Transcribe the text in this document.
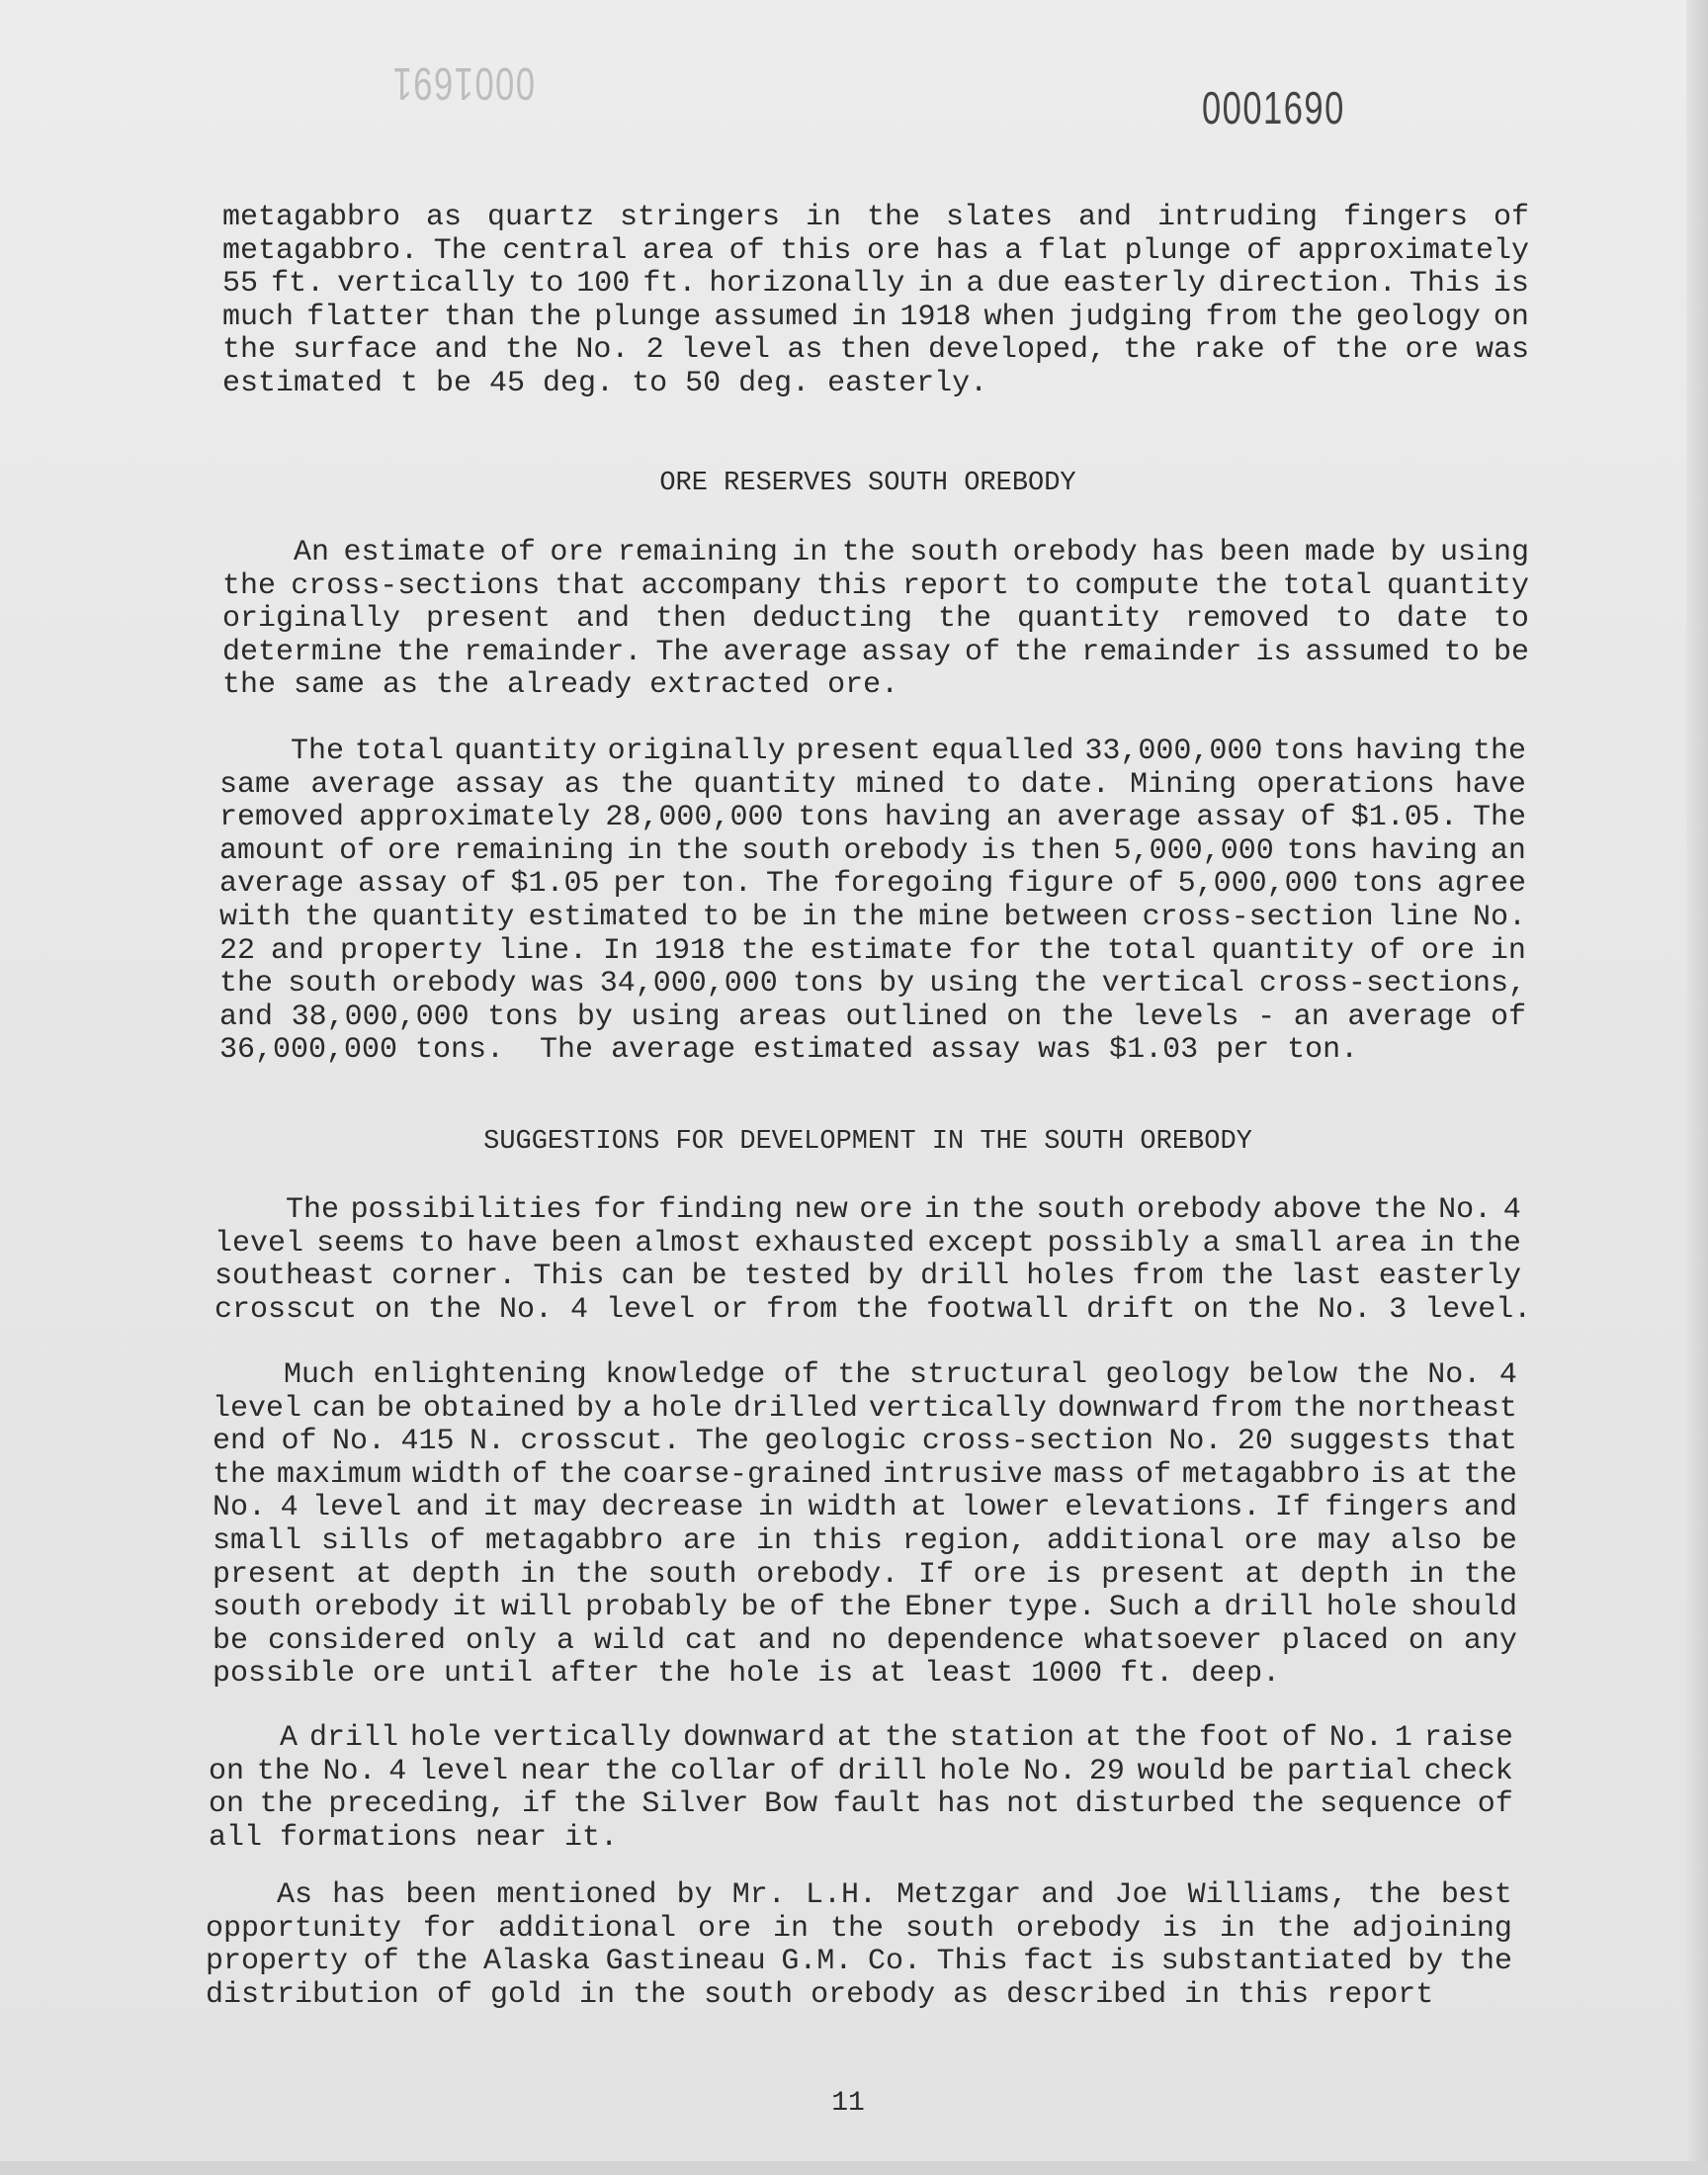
0001691	0001690
metagabbro as quartz stringers in the slates and intruding fingers of
metagabbro. The central area of this ore has a flat plunge of approximately
55 ft. vertically to 100 ft. horizonally in a due easterly direction. This is
much flatter than the plunge assumed in 1918 when judging from the geology on
the surface and the No. 2 level as then developed, the rake of the ore was
estimated t be 45 deg. to 50 deg. easterly.
ORE RESERVES SOUTH OREBODY
An estimate of ore remaining in the south orebody has been made by using
the cross-sections that accompany this report to compute the total quantity
originally present and then deducting the quantity removed to date to
determine the remainder. The average assay of the remainder is assumed to be
the same as the already extracted ore.
The total quantity originally present equalled 33,000,000 tons having the
same average assay as the quantity mined to date. Mining operations have
removed approximately 28,000,000 tons having an average assay of $1.05. The
amount of ore remaining in the south orebody is then 5,000,000 tons having an
average assay of $1.05 per ton. The foregoing figure of 5,000,000 tons agree
with the quantity estimated to be in the mine between cross-section line No.
22 and property line. In 1918 the estimate for the total quantity of ore in
the south orebody was 34,000,000 tons by using the vertical cross-sections,
and 38,000,000 tons by using areas outlined on the levels - an average of
36,000,000 tons.  The average estimated assay was $1.03 per ton.
SUGGESTIONS FOR DEVELOPMENT IN THE SOUTH OREBODY
The possibilities for finding new ore in the south orebody above the No. 4
level seems to have been almost exhausted except possibly a small area in the
southeast corner. This can be tested by drill holes from the last easterly
crosscut on the No. 4 level or from the footwall drift on the No. 3 level.
Much enlightening knowledge of the structural geology below the No. 4
level can be obtained by a hole drilled vertically downward from the northeast
end of No. 415 N. crosscut. The geologic cross-section No. 20 suggests that
the maximum width of the coarse-grained intrusive mass of metagabbro is at the
No. 4 level and it may decrease in width at lower elevations. If fingers and
small sills of metagabbro are in this region, additional ore may also be
present at depth in the south orebody. If ore is present at depth in the
south orebody it will probably be of the Ebner type. Such a drill hole should
be considered only a wild cat and no dependence whatsoever placed on any
possible ore until after the hole is at least 1000 ft. deep.
A drill hole vertically downward at the station at the foot of No. 1 raise
on the No. 4 level near the collar of drill hole No. 29 would be partial check
on the preceding, if the Silver Bow fault has not disturbed the sequence of
all formations near it.
As has been mentioned by Mr. L.H. Metzgar and Joe Williams, the best
opportunity for additional ore in the south orebody is in the adjoining
property of the Alaska Gastineau G.M. Co. This fact is substantiated by the
distribution of gold in the south orebody as described in this report
11
